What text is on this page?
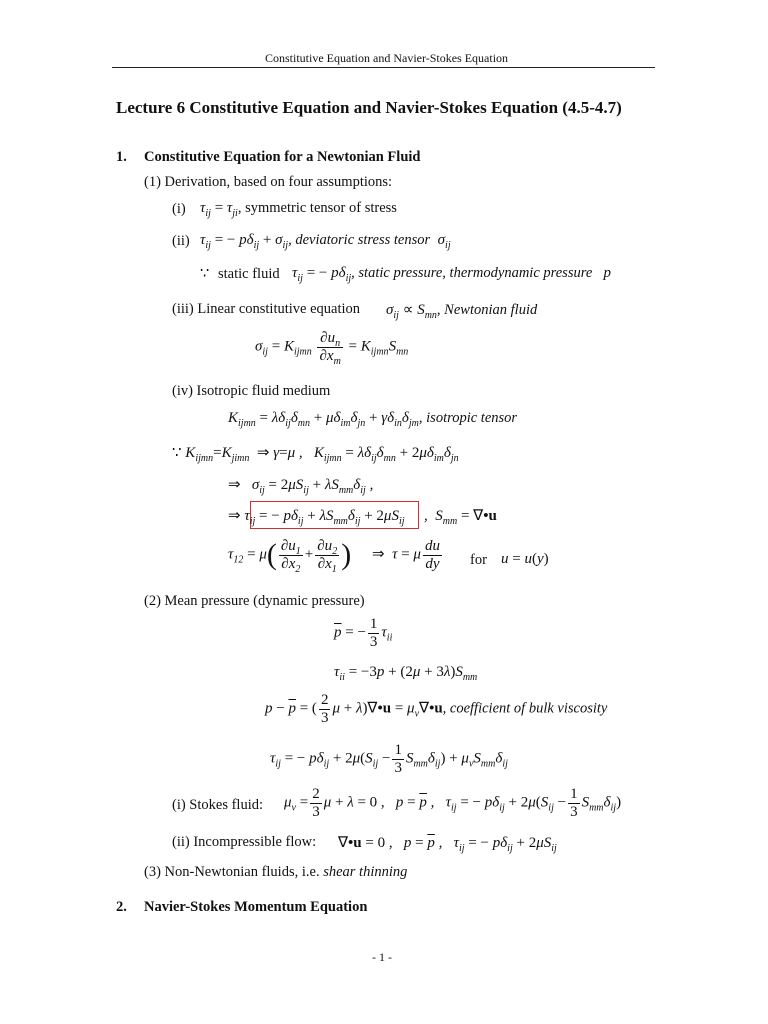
Constitutive Equation and Navier-Stokes Equation
Lecture 6 Constitutive Equation and Navier-Stokes Equation (4.5-4.7)
1. Constitutive Equation for a Newtonian Fluid
(1) Derivation, based on four assumptions:
(i) $\tau_{ij} = \tau_{ji}$, symmetric tensor of stress
(ii) $\tau_{ij}$ = − $p\delta_{ij} + \sigma_{ij}$, deviatoric stress tensor  $\sigma_{ij}$
∵ static fluid $\tau_{ij}$ = − $p\delta_{ij}$, static pressure, thermodynamic pressure   p
(iii) Linear constitutive equation $\sigma_{ij} \propto S_{mn}$, Newtonian fluid
$\sigma_{ij} = K_{ijmn} \frac{\partial u_n}{\partial x_m} = K_{ijmn}S_{mn}$
(iv) Isotropic fluid medium
$K_{ijmn} = \lambda\delta_{ij}\delta_{mn} + \mu\delta_{im}\delta_{jn} + \gamma\delta_{in}\delta_{jm}$, isotropic tensor
∵ $K_{ijmn}=K_{jimn}$ ⇒ γ=μ ,   $K_{ijmn} = \lambda\delta_{ij}\delta_{mn} + 2\mu\delta_{im}\delta_{jn}$
⇒   $\sigma_{ij} = 2\mu S_{ij} + \lambda S_{mm}\delta_{ij}$ ,
⇒ $\tau_{ij}$ = − $p\delta_{ij} + \lambda S_{mm}\delta_{ij} + 2\mu S_{ij}$ ,  $S_{mm}$ = ∇•u
$\tau_{12} = \mu( \frac{\partial u_1}{\partial x_2} + \frac{\partial u_2}{\partial x_1}$ ) ⇒  τ = μ $\frac{du}{dy}$ for u = u(y)
(2) Mean pressure (dynamic pressure)
$\overline{p}$ = − $\frac{1}{3} \tau_{ii}$
$\tau_{ii} = -3p + (2\mu + 3\lambda)S_{mm}$
$p - \overline{p}$ = ( $\frac{2}{3}$ μ + λ)∇•u = $\mu_v\nabla•u$, coefficient of bulk viscosity
$\tau_{ij}$ = − $p\delta_{ij} + 2\mu(S_{ij} - \frac{1}{3} S_{mm}\delta_{ij}) + \mu_vS_{mm}\delta_{ij}$
(i) Stokes fluid: $\mu_v = \frac{2}{3}$ μ + λ = 0 ,   $p = \overline{p}$ ,   $\tau_{ij}$ = − $p\delta_{ij} + 2\mu(S_{ij} - \frac{1}{3} S_{mm}\delta_{ij})$
(ii) Incompressible flow: ∇•u = 0 ,   $p = \overline{p}$ ,   $\tau_{ij}$ = − $p\delta_{ij} + 2\mu S_{ij}$
(3) Non-Newtonian fluids, i.e. shear thinning
2. Navier-Stokes Momentum Equation
- 1 -
